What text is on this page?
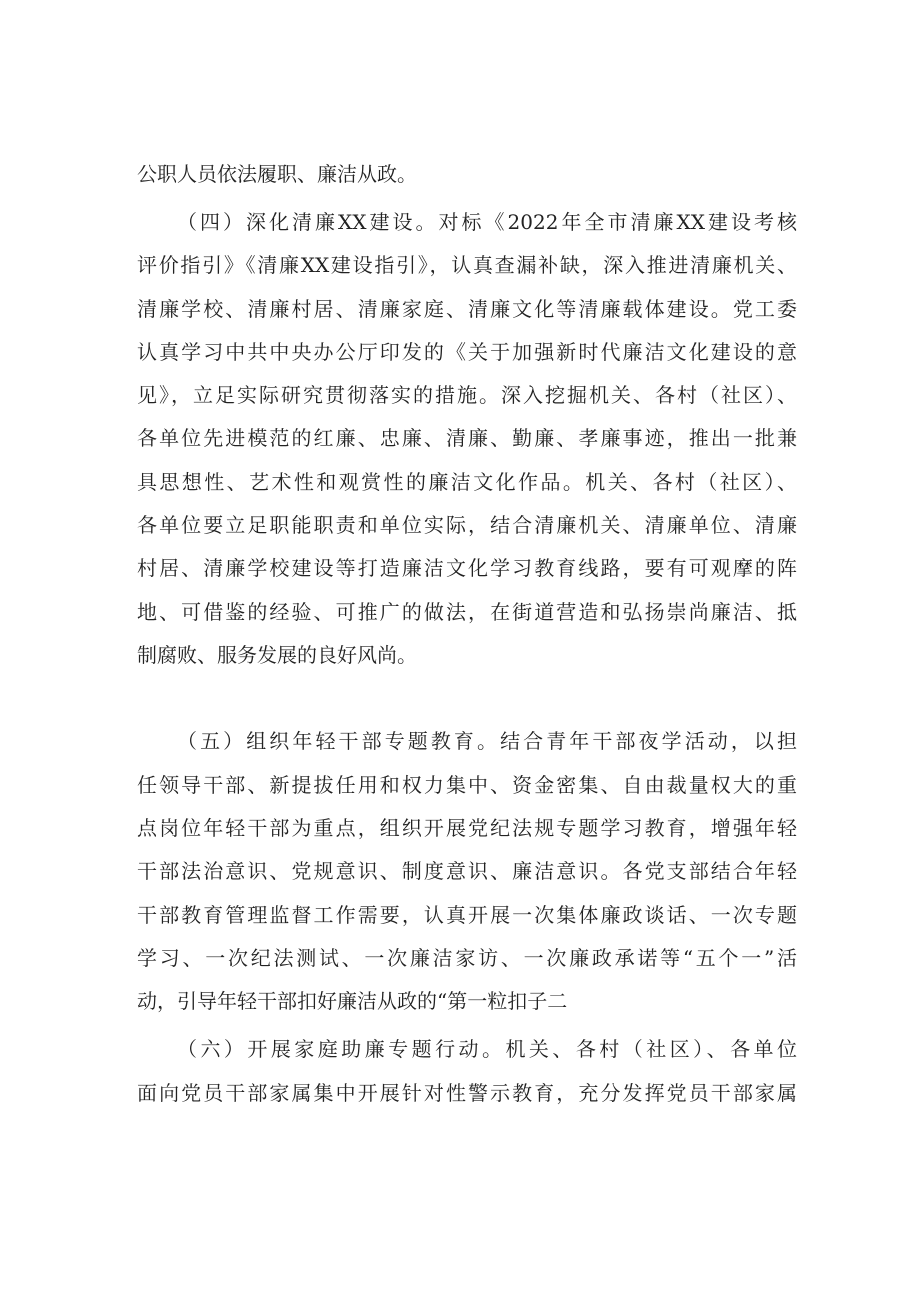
公职人员依法履职、廉洁从政。

（四）深化清廉XX建设。对标《2022年全市清廉XX建设考核

评价指引》《清廉XX建设指引》，认真查漏补缺，深入推进清廉机关、

清廉学校、清廉村居、清廉家庭、清廉文化等清廉载体建设。党工委

认真学习中共中央办公厅印发的《关于加强新时代廉洁文化建设的意

见》，立足实际研究贯彻落实的措施。深入挖掘机关、各村（社区）、

各单位先进模范的红廉、忠廉、清廉、勤廉、孝廉事迹，推出一批兼

具思想性、艺术性和观赏性的廉洁文化作品。机关、各村（社区）、

各单位要立足职能职责和单位实际，结合清廉机关、清廉单位、清廉

村居、清廉学校建设等打造廉洁文化学习教育线路，要有可观摩的阵

地、可借鉴的经验、可推广的做法，在街道营造和弘扬崇尚廉洁、抵

制腐败、服务发展的良好风尚。

（五）组织年轻干部专题教育。结合青年干部夜学活动，以担

任领导干部、新提拔任用和权力集中、资金密集、自由裁量权大的重

点岗位年轻干部为重点，组织开展党纪法规专题学习教育，增强年轻

干部法治意识、党规意识、制度意识、廉洁意识。各党支部结合年轻

干部教育管理监督工作需要，认真开展一次集体廉政谈话、一次专题

学习、一次纪法测试、一次廉洁家访、一次廉政承诺等“五个一”活

动，引导年轻干部扣好廉洁从政的“第一粒扣子二

（六）开展家庭助廉专题行动。机关、各村（社区）、各单位

面向党员干部家属集中开展针对性警示教育，充分发挥党员干部家属
